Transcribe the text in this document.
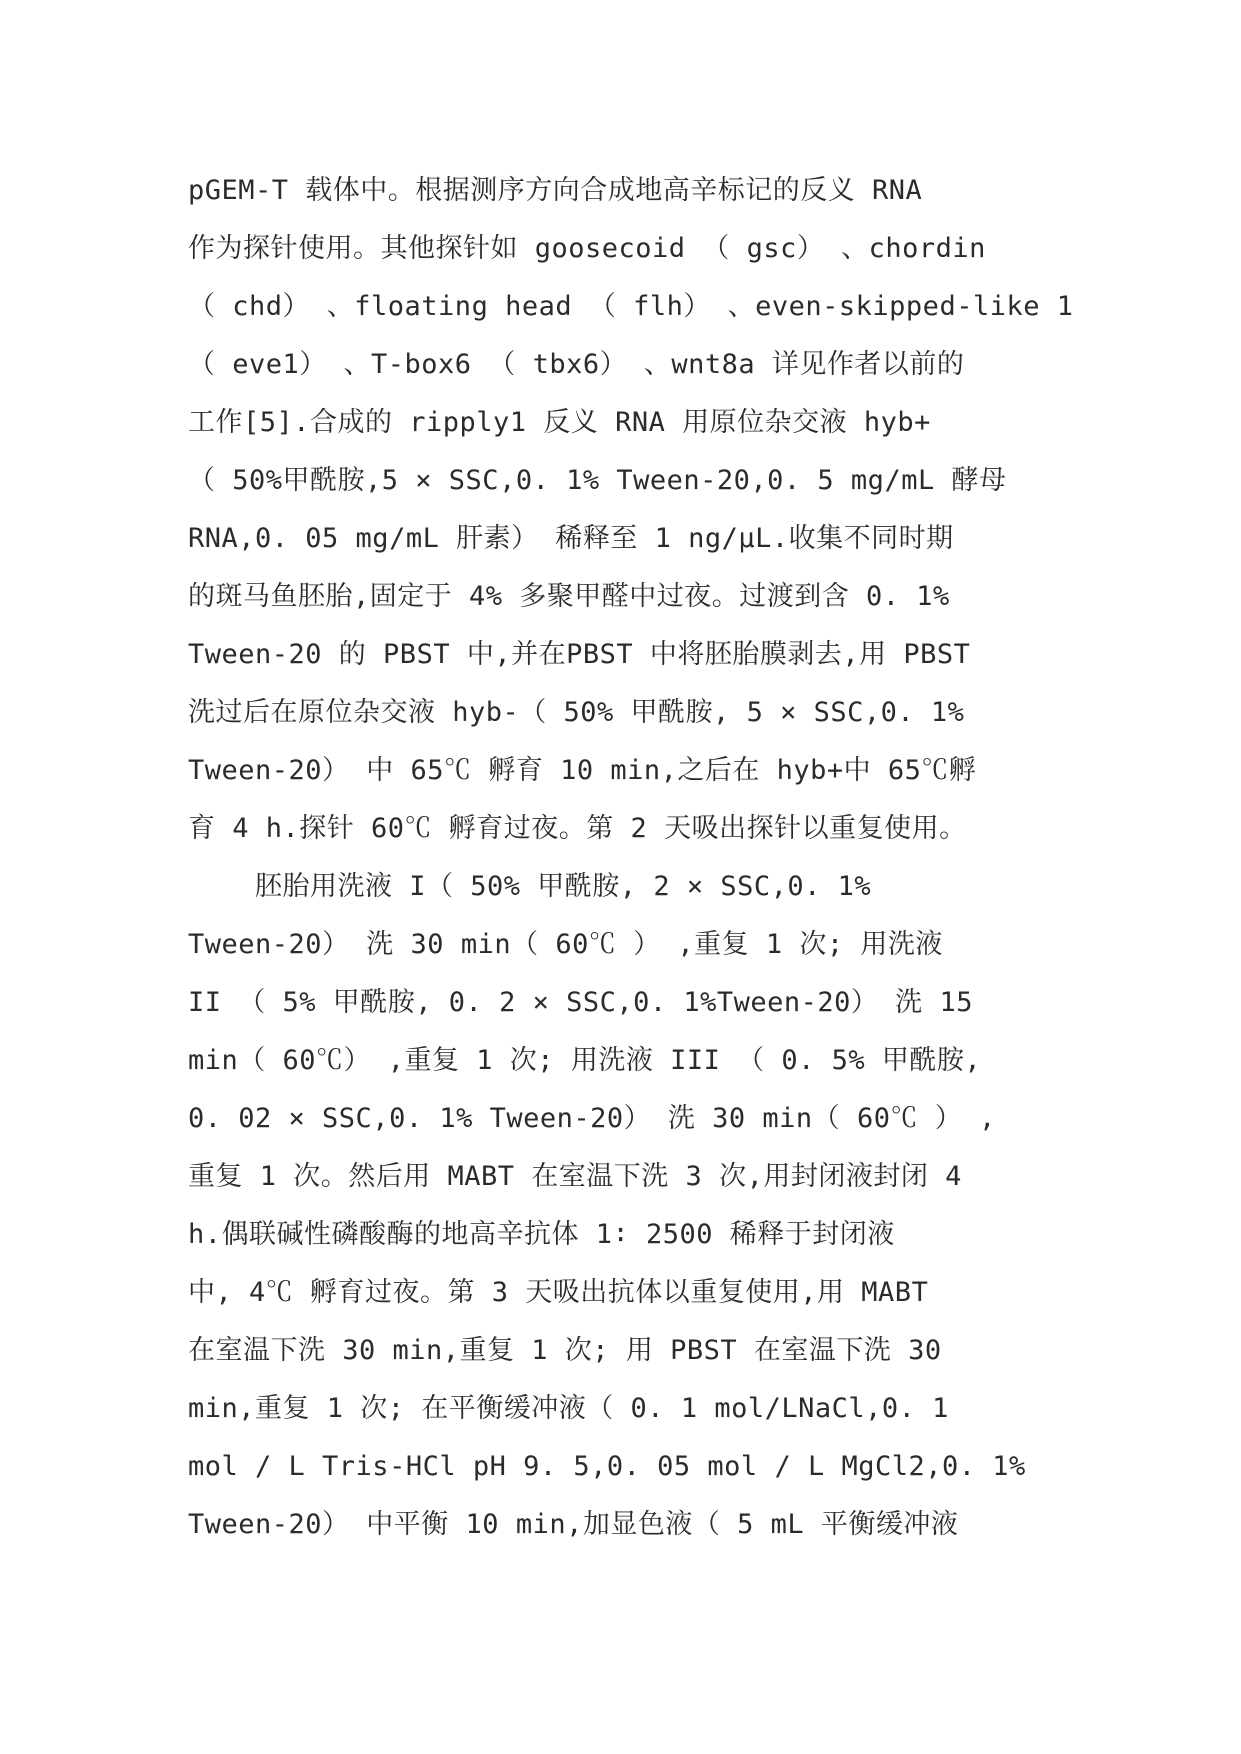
pGEM-T 载体中。根据测序方向合成地高辛标记的反义 RNA
作为探针使用。其他探针如 goosecoid （ gsc） 、chordin
（ chd） 、floating head （ flh） 、even-skipped-like 1
（ eve1） 、T-box6 （ tbx6） 、wnt8a 详见作者以前的
工作[5].合成的 ripply1 反义 RNA 用原位杂交液 hyb+
（ 50%甲酰胺,5 × SSC,0. 1% Tween-20,0. 5 mg/mL 酵母
RNA,0. 05 mg/mL 肝素） 稀释至 1 ng/μL.收集不同时期
的斑马鱼胚胎,固定于 4% 多聚甲醛中过夜。过渡到含 0. 1%
Tween-20 的 PBST 中,并在PBST 中将胚胎膜剥去,用 PBST
洗过后在原位杂交液 hyb-（ 50% 甲酰胺, 5 × SSC,0. 1%
Tween-20） 中 65℃ 孵育 10 min,之后在 hyb+中 65℃孵
育 4 h.探针 60℃ 孵育过夜。第 2 天吸出探针以重复使用。
胚胎用洗液 I（ 50% 甲酰胺, 2 × SSC,0. 1%
Tween-20） 洗 30 min（ 60℃ ） ,重复 1 次; 用洗液
II （ 5% 甲酰胺, 0. 2 × SSC,0. 1%Tween-20） 洗 15
min（ 60℃） ,重复 1 次; 用洗液 III （ 0. 5% 甲酰胺,
0. 02 × SSC,0. 1% Tween-20） 洗 30 min（ 60℃ ） ,
重复 1 次。然后用 MABT 在室温下洗 3 次,用封闭液封闭 4
h.偶联碱性磷酸酶的地高辛抗体 1∶ 2500 稀释于封闭液
中, 4℃ 孵育过夜。第 3 天吸出抗体以重复使用,用 MABT
在室温下洗 30 min,重复 1 次; 用 PBST 在室温下洗 30
min,重复 1 次; 在平衡缓冲液（ 0. 1 mol/LNaCl,0. 1
mol / L Tris-HCl pH 9. 5,0. 05 mol / L MgCl2,0. 1%
Tween-20） 中平衡 10 min,加显色液（ 5 mL 平衡缓冲液
